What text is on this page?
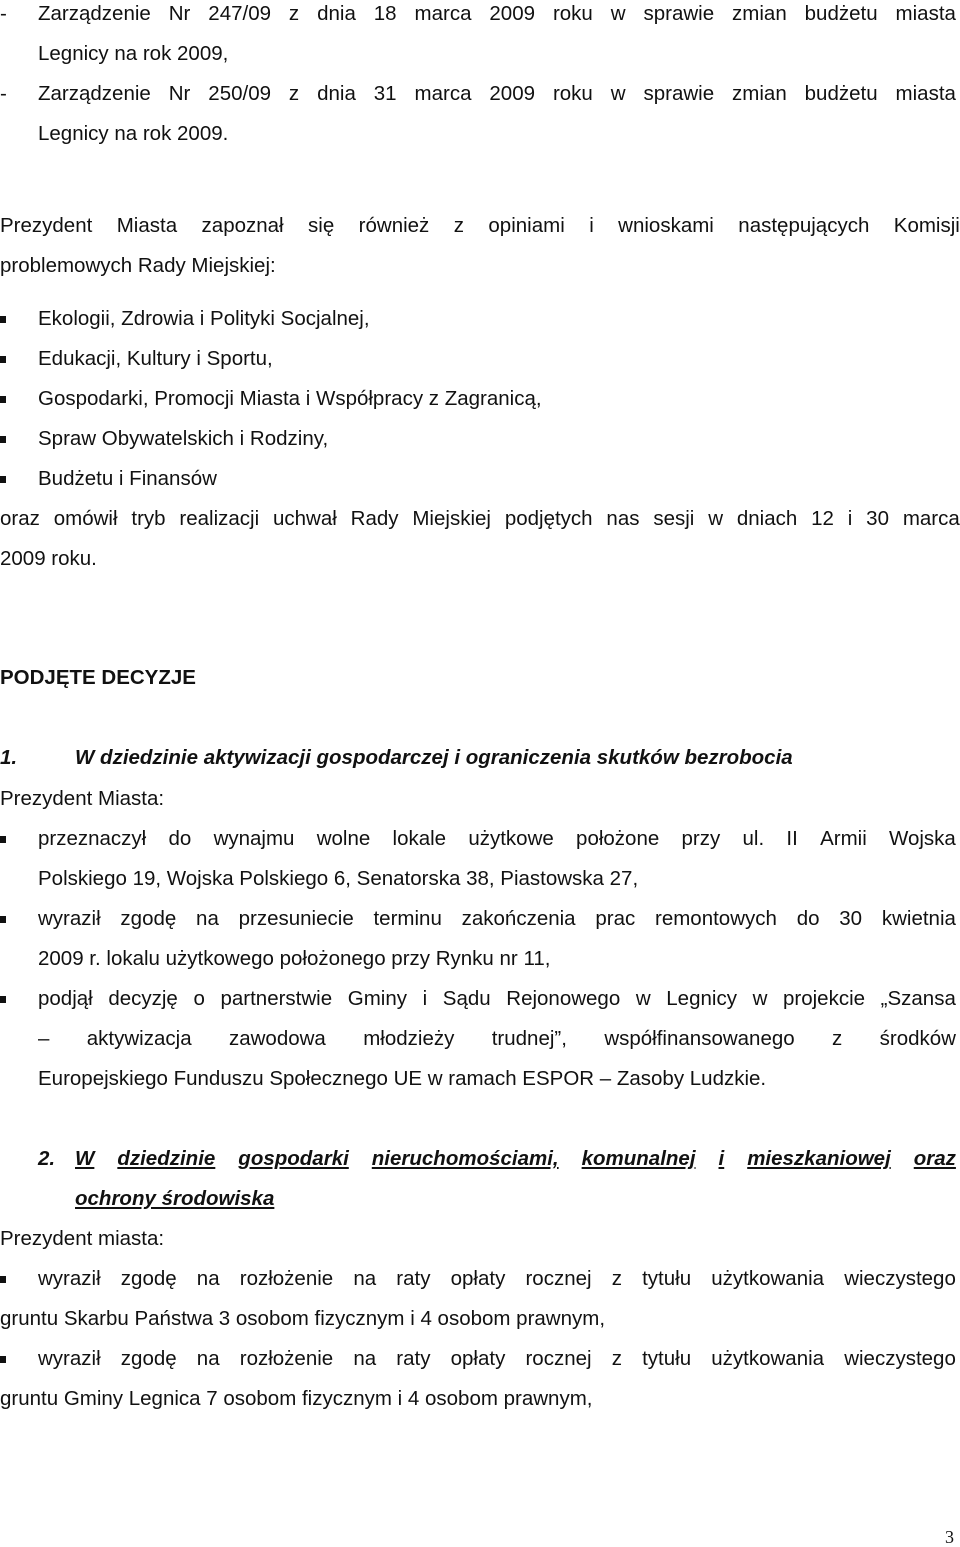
-	Zarządzenie Nr 247/09 z dnia 18 marca 2009 roku w sprawie zmian budżetu miasta
Legnicy na rok 2009,
-	Zarządzenie Nr 250/09 z dnia 31 marca 2009 roku w sprawie zmian budżetu miasta
Legnicy na rok 2009.
Prezydent Miasta zapoznał się również z opiniami i wnioskami następujących Komisji
problemowych Rady Miejskiej:
Ekologii, Zdrowia i Polityki Socjalnej,
Edukacji, Kultury i Sportu,
Gospodarki, Promocji Miasta i Współpracy z Zagranicą,
Spraw Obywatelskich i Rodziny,
Budżetu i Finansów
oraz omówił tryb realizacji uchwał Rady Miejskiej podjętych nas sesji w dniach 12 i 30 marca
2009 roku.
PODJĘTE DECYZJE
1.	W dziedzinie aktywizacji gospodarczej i ograniczenia skutków bezrobocia
Prezydent Miasta:
przeznaczył do wynajmu wolne lokale użytkowe położone przy ul. II Armii Wojska
Polskiego 19, Wojska Polskiego 6, Senatorska 38, Piastowska 27,
wyraził zgodę na przesuniecie terminu zakończenia prac remontowych do 30 kwietnia
2009 r. lokalu użytkowego położonego przy Rynku nr 11,
podjął decyzję o partnerstwie Gminy i Sądu Rejonowego w Legnicy w projekcie „Szansa
– aktywizacja zawodowa młodzieży trudnej”, współfinansowanego z środków
Europejskiego Funduszu Społecznego UE w ramach ESPOR – Zasoby Ludzkie.
2. W dziedzinie gospodarki nieruchomościami, komunalnej i mieszkaniowej oraz
ochrony środowiska
Prezydent miasta:
wyraził zgodę na rozłożenie na raty opłaty rocznej z tytułu użytkowania wieczystego
gruntu Skarbu Państwa 3 osobom fizycznym i 4 osobom prawnym,
wyraził zgodę na rozłożenie na raty opłaty rocznej z tytułu użytkowania wieczystego
gruntu Gminy Legnica 7 osobom fizycznym i 4 osobom prawnym,
3
